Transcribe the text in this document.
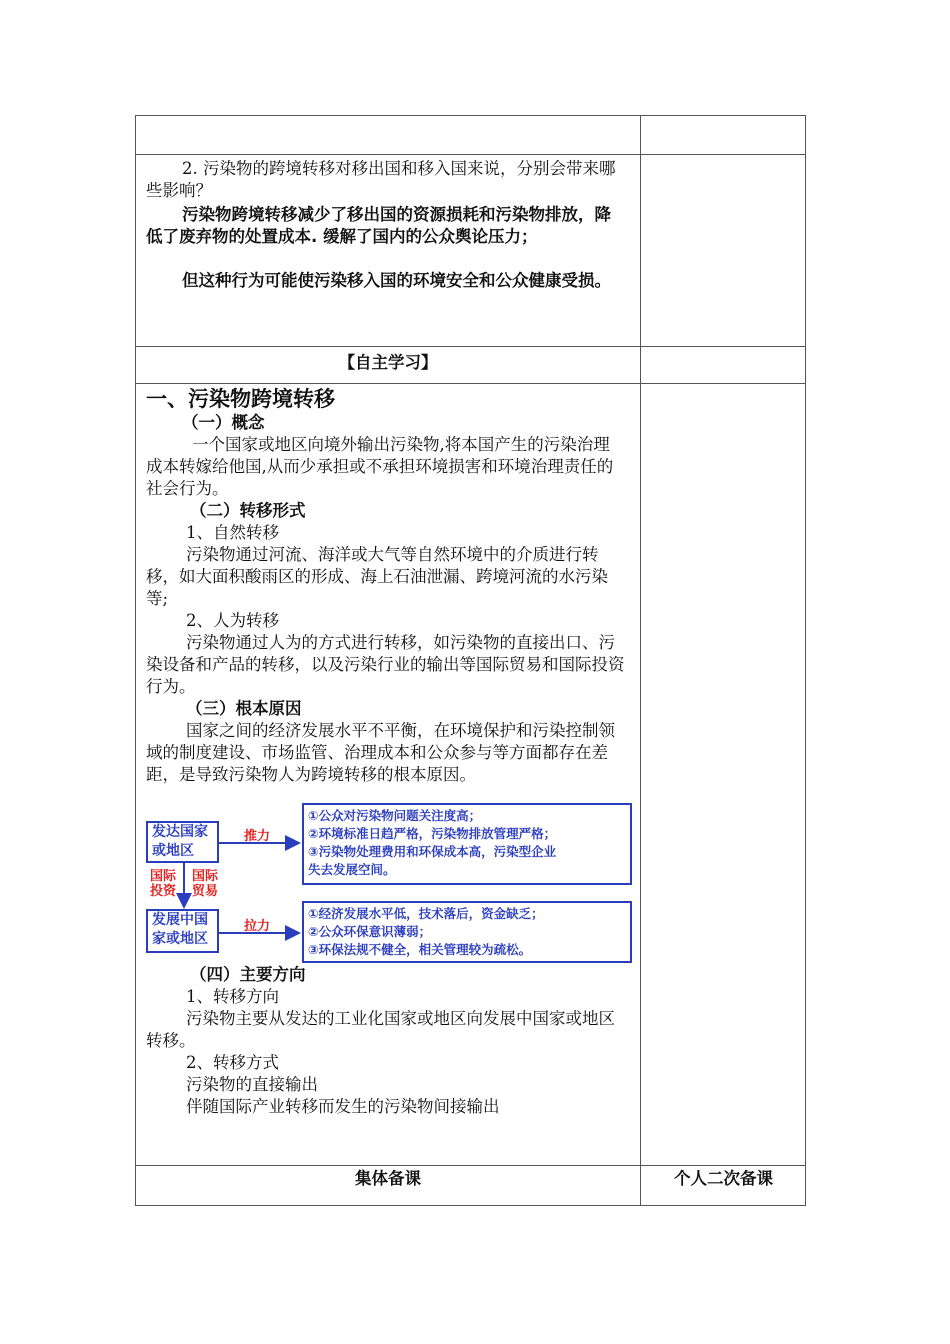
2. 污染物的跨境转移对移出国和移入国来说，分别会带来哪些影响？

污染物跨境转移减少了移出国的资源损耗和污染物排放，降低了废弃物的处置成本. 缓解了国内的公众舆论压力；

但这种行为可能使污染移入国的环境安全和公众健康受损。

【自主学习】
一、污染物跨境转移

（一）概念

一个国家或地区向境外输出污染物,将本国产生的污染治理成本转嫁给他国,从而少承担或不承担环境损害和环境治理责任的社会行为。

（二）转移形式

1、自然转移

污染物通过河流、海洋或大气等自然环境中的介质进行转移，如大面积酸雨区的形成、海上石油泄漏、跨境河流的水污染等;

2、人为转移

污染物通过人为的方式进行转移，如污染物的直接出口、污染设备和产品的转移，以及污染行业的输出等国际贸易和国际投资行为。

（三）根本原因

国家之间的经济发展水平不平衡，在环境保护和污染控制领域的制度建设、市场监管、治理成本和公众参与等方面都存在差距，是导致污染物人为跨境转移的根本原因。

发达国家
或地区
发展中国
家或地区
国际
投资
国际
贸易
推力
拉力
①公众对污染物问题关注度高；
②环境标准日趋严格，污染物排放管理严格；
③污染物处理费用和环保成本高，污染型企业
失去发展空间。
①经济发展水平低，技术落后，资金缺乏；
②公众环保意识薄弱；
③环保法规不健全，相关管理较为疏松。

（四）主要方向

1、转移方向

污染物主要从发达的工业化国家或地区向发展中国家或地区转移。

2、转移方式

污染物的直接输出

伴随国际产业转移而发生的污染物间接输出

集体备课	个人二次备课
